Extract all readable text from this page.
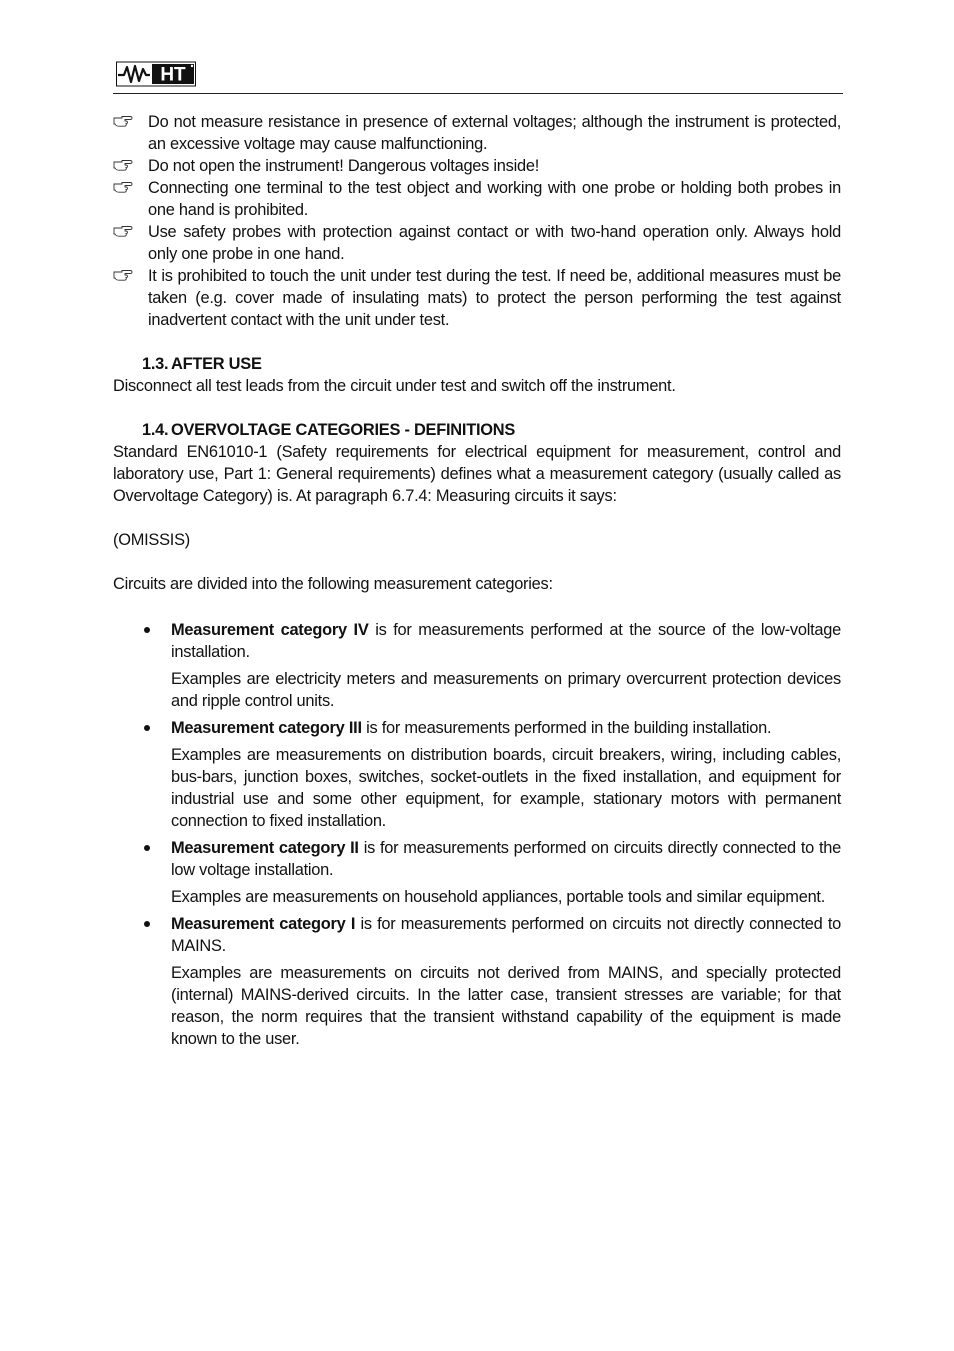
HT
Do not measure resistance in presence of external voltages; although the instrument is protected, an excessive voltage may cause malfunctioning.
Do not open the instrument! Dangerous voltages inside!
Connecting one terminal to the test object and working with one probe or holding both probes in one hand is prohibited.
Use safety probes with protection against contact or with two-hand operation only. Always hold only one probe in one hand.
It is prohibited to touch the unit under test during the test. If need be, additional measures must be taken (e.g. cover made of insulating mats) to protect the person performing the test against inadvertent contact with the unit under test.
1.3. AFTER USE
Disconnect all test leads from the circuit under test and switch off the instrument.
1.4. OVERVOLTAGE CATEGORIES - DEFINITIONS
Standard EN61010-1 (Safety requirements for electrical equipment for measurement, control and laboratory use, Part 1: General requirements) defines what a measurement category (usually called as Overvoltage Category) is. At paragraph 6.7.4: Measuring circuits it says:
(OMISSIS)
Circuits are divided into the following measurement categories:
Measurement category IV is for measurements performed at the source of the low-voltage installation.
Examples are electricity meters and measurements on primary overcurrent protection devices and ripple control units.
Measurement category III is for measurements performed in the building installation.
Examples are measurements on distribution boards, circuit breakers, wiring, including cables, bus-bars, junction boxes, switches, socket-outlets in the fixed installation, and equipment for industrial use and some other equipment, for example, stationary motors with permanent connection to fixed installation.
Measurement category II is for measurements performed on circuits directly connected to the low voltage installation.
Examples are measurements on household appliances, portable tools and similar equipment.
Measurement category I is for measurements performed on circuits not directly connected to MAINS.
Examples are measurements on circuits not derived from MAINS, and specially protected (internal) MAINS-derived circuits. In the latter case, transient stresses are variable; for that reason, the norm requires that the transient withstand capability of the equipment is made known to the user.
